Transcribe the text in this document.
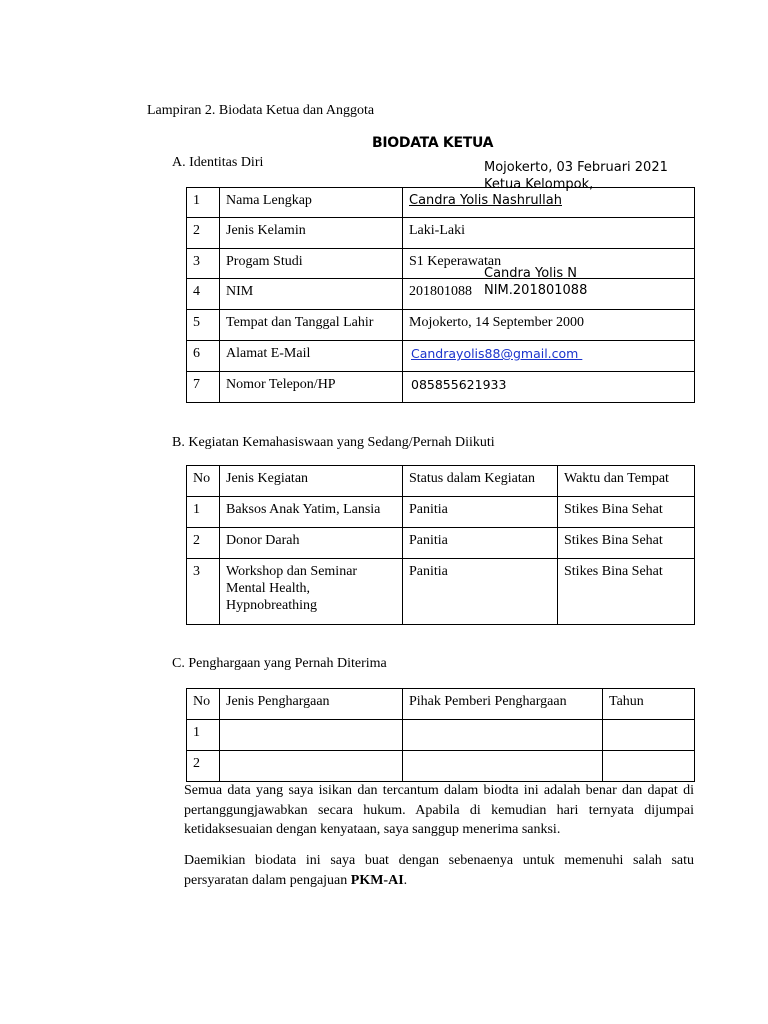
Lampiran 2. Biodata Ketua dan Anggota
BIODATA KETUA
A. Identitas Diri
1	Nama Lengkap	Candra Yolis Nashrullah
2	Jenis Kelamin	Laki-Laki
3	Progam Studi	S1 Keperawatan
4	NIM	201801088
5	Tempat dan Tanggal Lahir	Mojokerto, 14 September 2000
6	Alamat E-Mail	Candrayolis88@gmail.com
7	Nomor Telepon/HP	085855621933
Mojokerto, 03 Februari 2021
Ketua Kelompok,
Candra Yolis N
NIM.201801088
B. Kegiatan Kemahasiswaan yang Sedang/Pernah Diikuti
No	Jenis Kegiatan	Status dalam Kegiatan	Waktu dan Tempat
1	Baksos Anak Yatim, Lansia	Panitia	Stikes Bina Sehat
2	Donor Darah	Panitia	Stikes Bina Sehat
3	Workshop dan Seminar Mental Health, Hypnobreathing	Panitia	Stikes Bina Sehat
C. Penghargaan yang Pernah Diterima
No	Jenis Penghargaan	Pihak Pemberi Penghargaan	Tahun
1			
2			
Semua data yang saya isikan dan tercantum dalam biodta ini adalah benar dan dapat di pertanggungjawabkan secara hukum. Apabila di kemudian hari ternyata dijumpai ketidaksesuaian dengan kenyataan, saya sanggup menerima sanksi.
Daemikian biodata ini saya buat dengan sebenaenya untuk memenuhi salah satu persyaratan dalam pengajuan PKM-AI.
